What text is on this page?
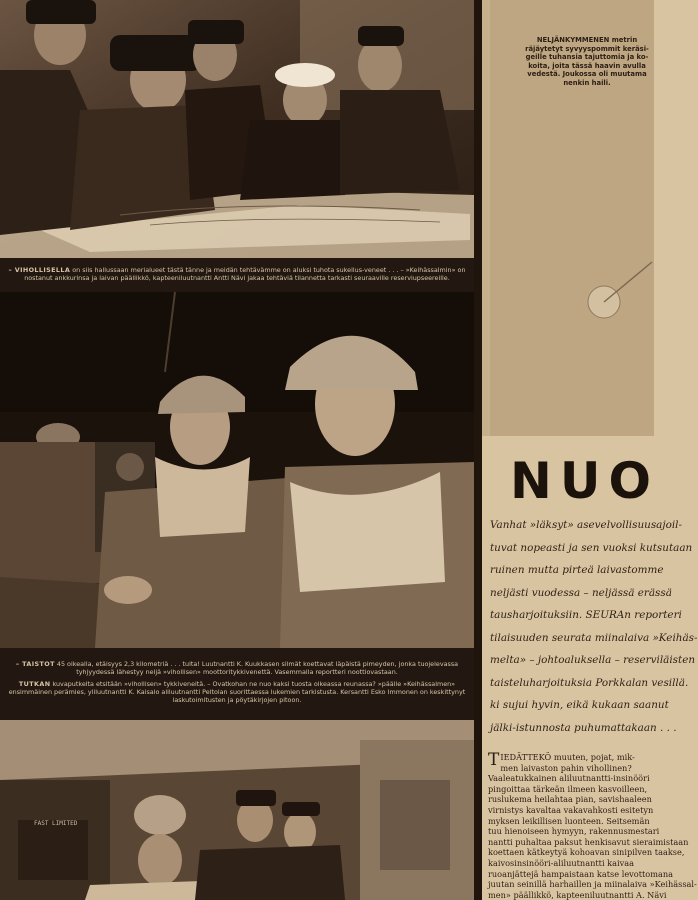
– VIHOLLISELLA on siis hallussaan merialueet tästä tänne ja meidän tehtävämme on aluksi tuhota sukellus-veneet . . . – »Keihässalmin» on nostanut ankkurinsa ja laivan päällikkö, kapteeniluutnantti Antti Nävi jakaa tehtäviä tilannetta tarkasti seuraaville reserviupseereille.
– TAISTOT 45 oikealla, etäisyys 2,3 kilometriä . . . tulta! Luutnantti K. Kuukkasen silmät koettavat läpäistä pimeyden, jonka tuojelevassa tyhjyydessä lähestyy neljä »vihollisen» moottoritykkivenettä. Vasemmalla reportteri noottiovastaan.
TUTKAN kuvaputkelta etsitään »vihollisen» tykkiveneitä. – Ovatkohan ne nuo kaksi tuosta oikeassa reunassa? »päälle »Keihässalmen» ensimmäinen perämies, yliluutnantti K. Kaisalo aliluutnantti Peltolan suorittaessa lukemien tarkistusta. Kersantti Esko Immonen on keskittynyt laskutoimitusten ja pöytäkirjojen pitoon.
FAST LIMITED
NELJÄNKYMMENEN metrin räjäytetyt syvyyspommit keräsi- geille tuhansia tajuttomia ja ko- koita, joita tässä haavin avulla vedestä. Joukossa oli muutama nenkin haili.
NUO
Vanhat »läksyt» asevelvollisuusajoil-
tuvat nopeasti ja sen vuoksi kutsutaan
ruinen mutta pirteä laivastomme
neljästi vuodessa – neljässä erässä
tausharjoituksiin. SEURAn reporteri
tilaisuuden seurata miinalaiva »Keihäs-
melta» – johtoaluksella – reserviläisten
taisteluharjoituksia Porkkalan vesillä.
ki sujui hyvin, eikä kukaan saanut
jälki-istunnosta puhumattakaan . . .
T IEDÄTTEKÖ muuten, pojat, mik-

men laivaston pahin vihollinen?

Vaaleatukkainen aliluutnantti-insinööri

pingoittaa tärkeän ilmeen kasvoilleen,

ruslukema heilahtaa pian, savishaaleen

virnistys kavaltaa vakavahkosti esitetyn

myksen leikillisen luonteen. Seitsemän

tuu hienoiseen hymyyn, rakennusmestari

nantti puhaltaa paksut henkisavut sieraimistaan

koettaen kätkeytyä kohoavan sinipilven taakse,

kaivosinsinööri-aliluutnantti kaivaa

ruoanjättejä hampaistaan katse levottomana

juutan seinillä harhaillen ja miinalaiva »Keihässal-

men» päällikkö, kapteeniluutnantti A. Nävi
